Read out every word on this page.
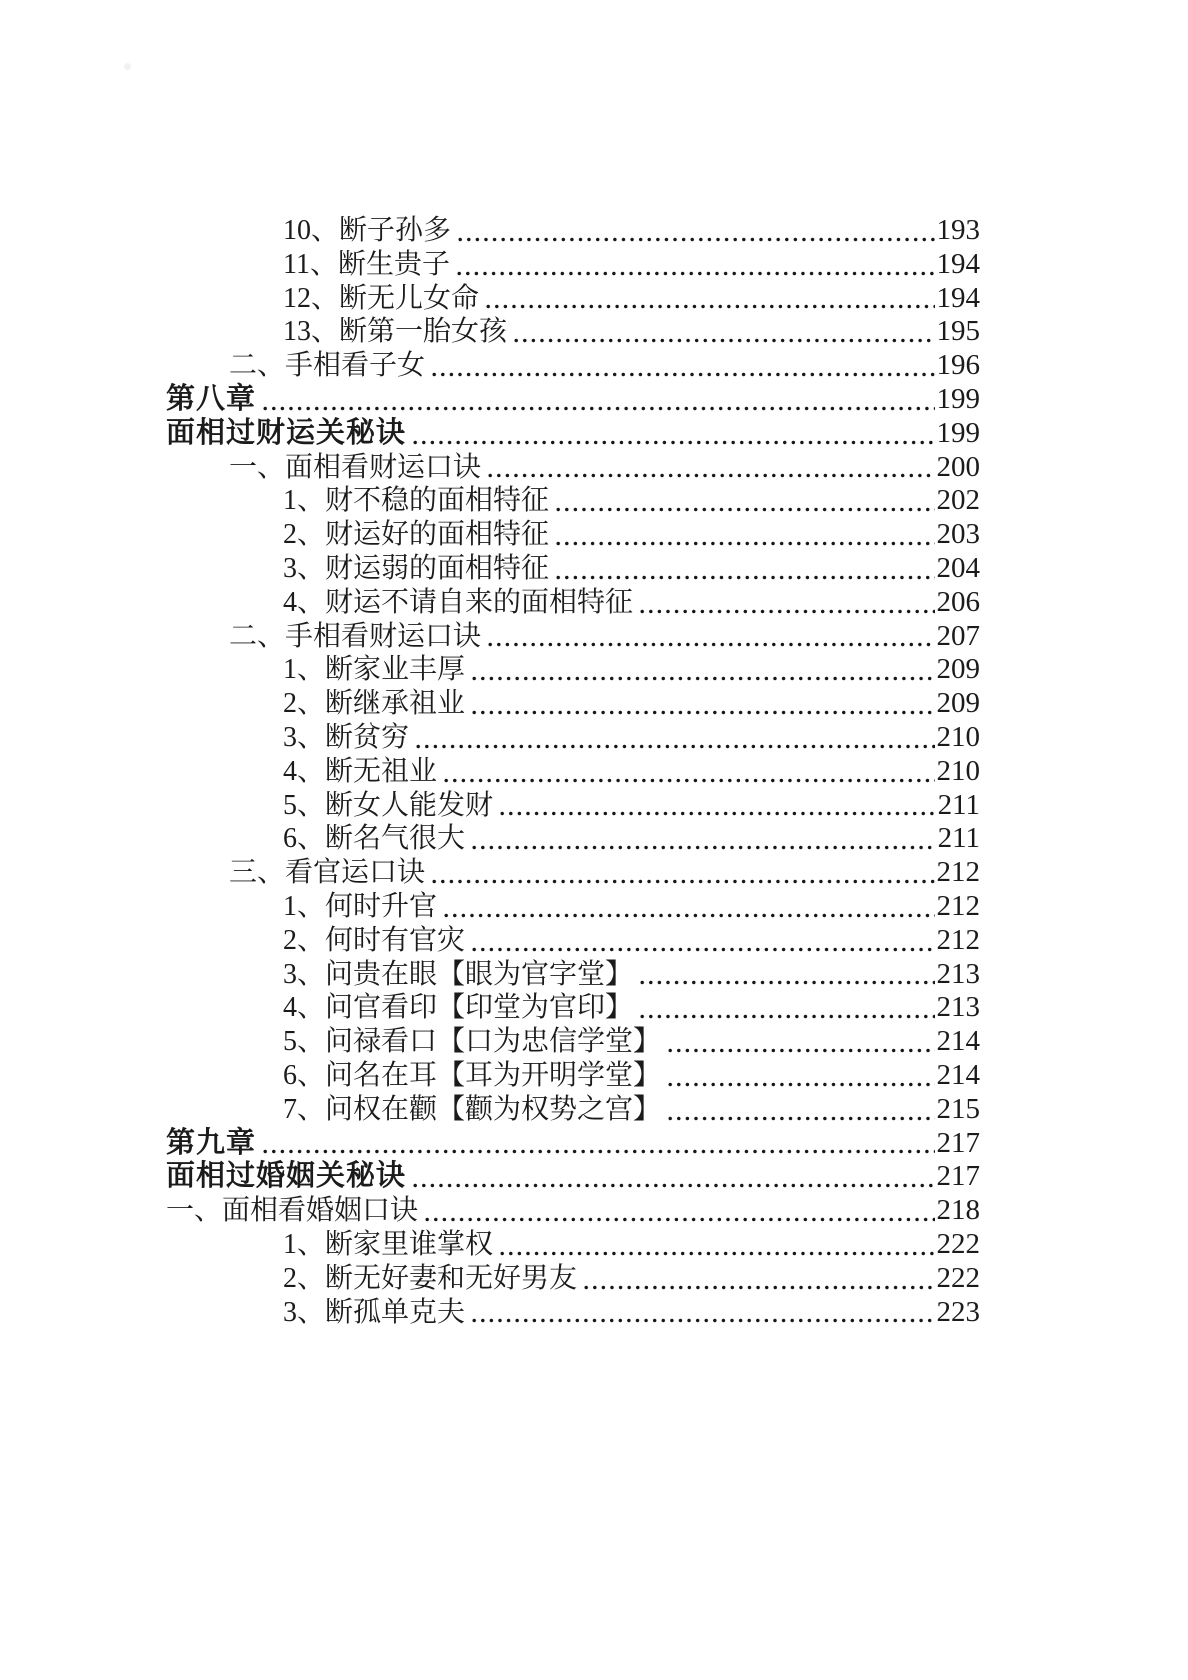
10、断子孙多	193
11、断生贵子	194
12、断无儿女命	194
13、断第一胎女孩	195
二、手相看子女	196
第八章	199
面相过财运关秘诀	199
一、面相看财运口诀	200
1、财不稳的面相特征	202
2、财运好的面相特征	203
3、财运弱的面相特征	204
4、财运不请自来的面相特征	206
二、手相看财运口诀	207
1、断家业丰厚	209
2、断继承祖业	209
3、断贫穷	210
4、断无祖业	210
5、断女人能发财	211
6、断名气很大	211
三、看官运口诀	212
1、何时升官	212
2、何时有官灾	212
3、问贵在眼【眼为官字堂】	213
4、问官看印【印堂为官印】	213
5、问禄看口【口为忠信学堂】	214
6、问名在耳【耳为开明学堂】	214
7、问权在颧【颧为权势之宫】	215
第九章	217
面相过婚姻关秘诀	217
一、面相看婚姻口诀	218
1、断家里谁掌权	222
2、断无好妻和无好男友	222
3、断孤单克夫	223
